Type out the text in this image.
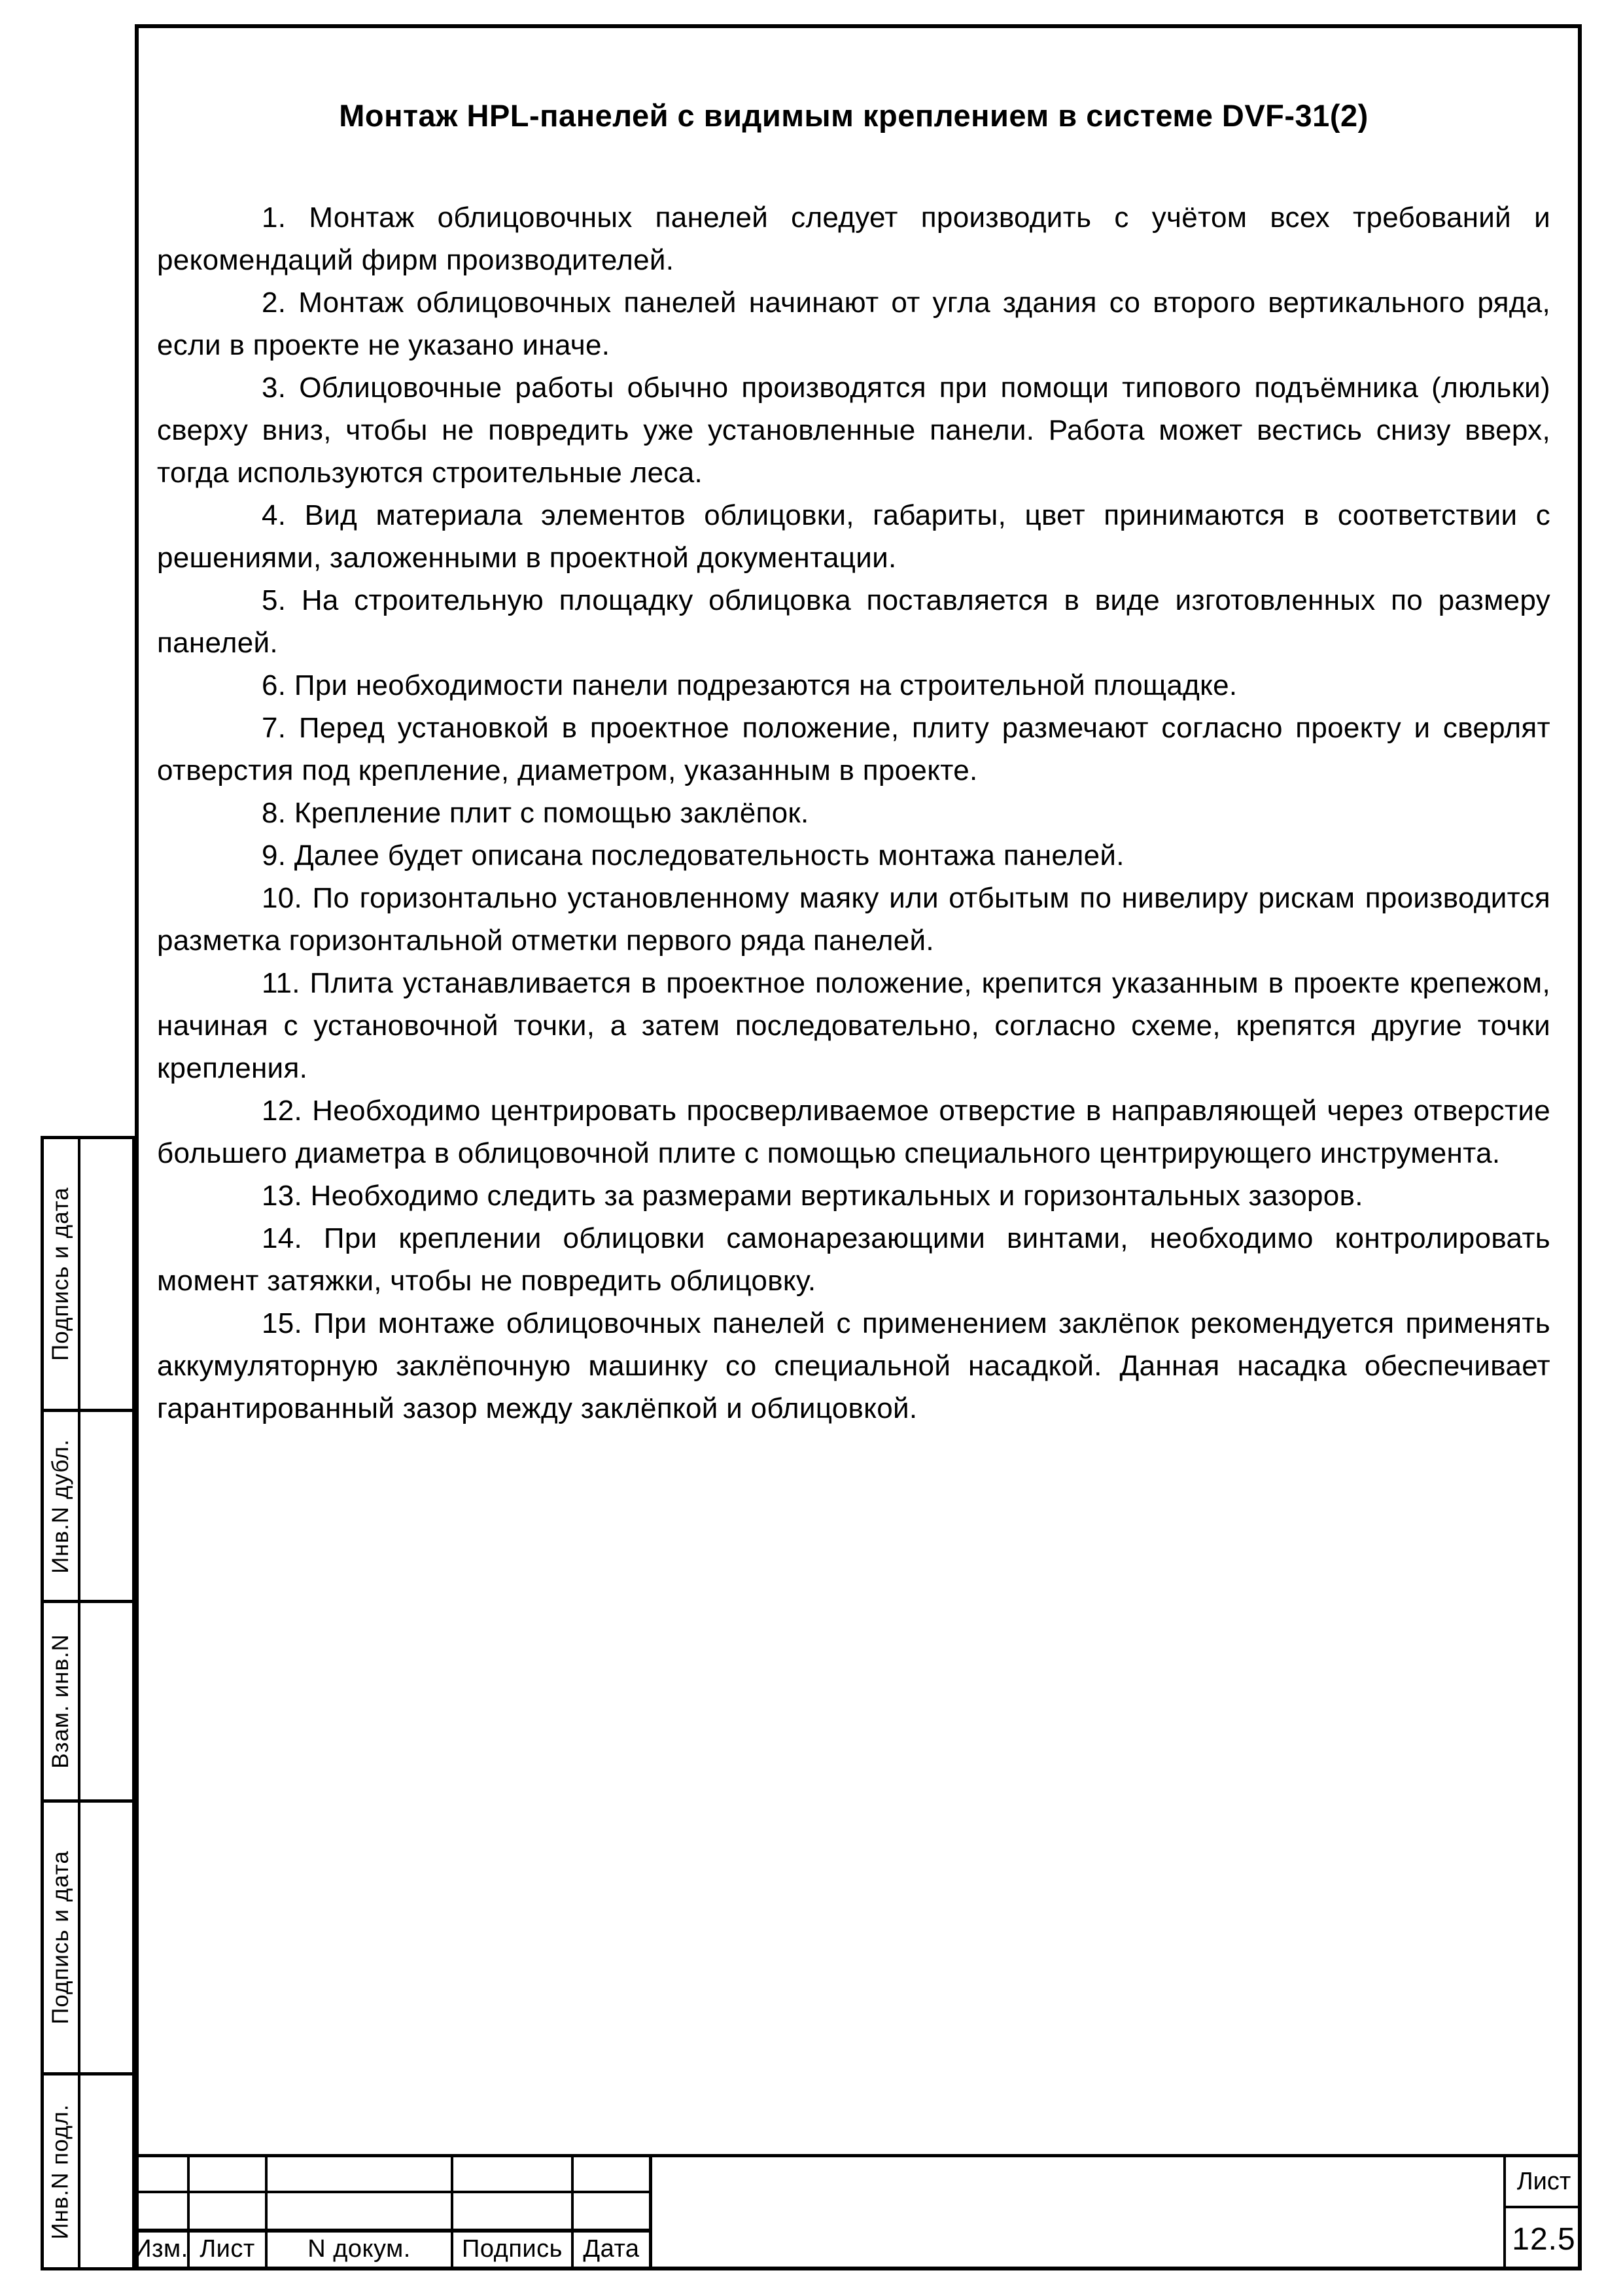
Монтаж HPL-панелей с видимым креплением в системе DVF-31(2)

1. Монтаж облицовочных панелей следует производить с учётом всех требований и рекомендаций фирм производителей.

2. Монтаж облицовочных панелей начинают от угла здания со второго вертикального ряда, если в проекте не указано иначе.

3. Облицовочные работы обычно производятся при помощи типового подъёмника (люльки) сверху вниз, чтобы не повредить уже установленные панели. Работа может вестись снизу вверх, тогда используются строительные леса.

4. Вид материала элементов облицовки, габариты, цвет принимаются в соответствии с решениями, заложенными в проектной документации.

5. На строительную площадку облицовка поставляется в виде изготовленных по размеру панелей.

6. При необходимости панели подрезаются на строительной площадке.

7. Перед установкой в проектное положение, плиту размечают согласно проекту и сверлят отверстия под крепление, диаметром, указанным в проекте.

8. Крепление плит с помощью заклёпок.

9. Далее будет описана последовательность монтажа панелей.

10. По горизонтально установленному маяку или отбытым по нивелиру рискам производится разметка горизонтальной отметки первого ряда панелей.

11. Плита устанавливается в проектное положение, крепится указанным в проекте крепежом, начиная с установочной точки, а затем последовательно, согласно схеме, крепятся другие точки крепления.

12. Необходимо центрировать просверливаемое отверстие в направляющей через отверстие большего диаметра в облицовочной плите с помощью специального центрирующего инструмента.

13. Необходимо следить за размерами вертикальных и горизонтальных зазоров.

14. При креплении облицовки самонарезающими винтами, необходимо контролировать момент затяжки, чтобы не повредить облицовку.

15. При монтаже облицовочных панелей с применением заклёпок рекомендуется применять аккумуляторную заклёпочную машинку со специальной насадкой. Данная насадка обеспечивает гарантированный зазор между заклёпкой и облицовкой.

Подпись и дата
Инв.N дубл.
Взам. инв.N
Подпись и дата
Инв.N подл.
Изм. Лист	N докум.	Подпись Дата
Лист
12.5
